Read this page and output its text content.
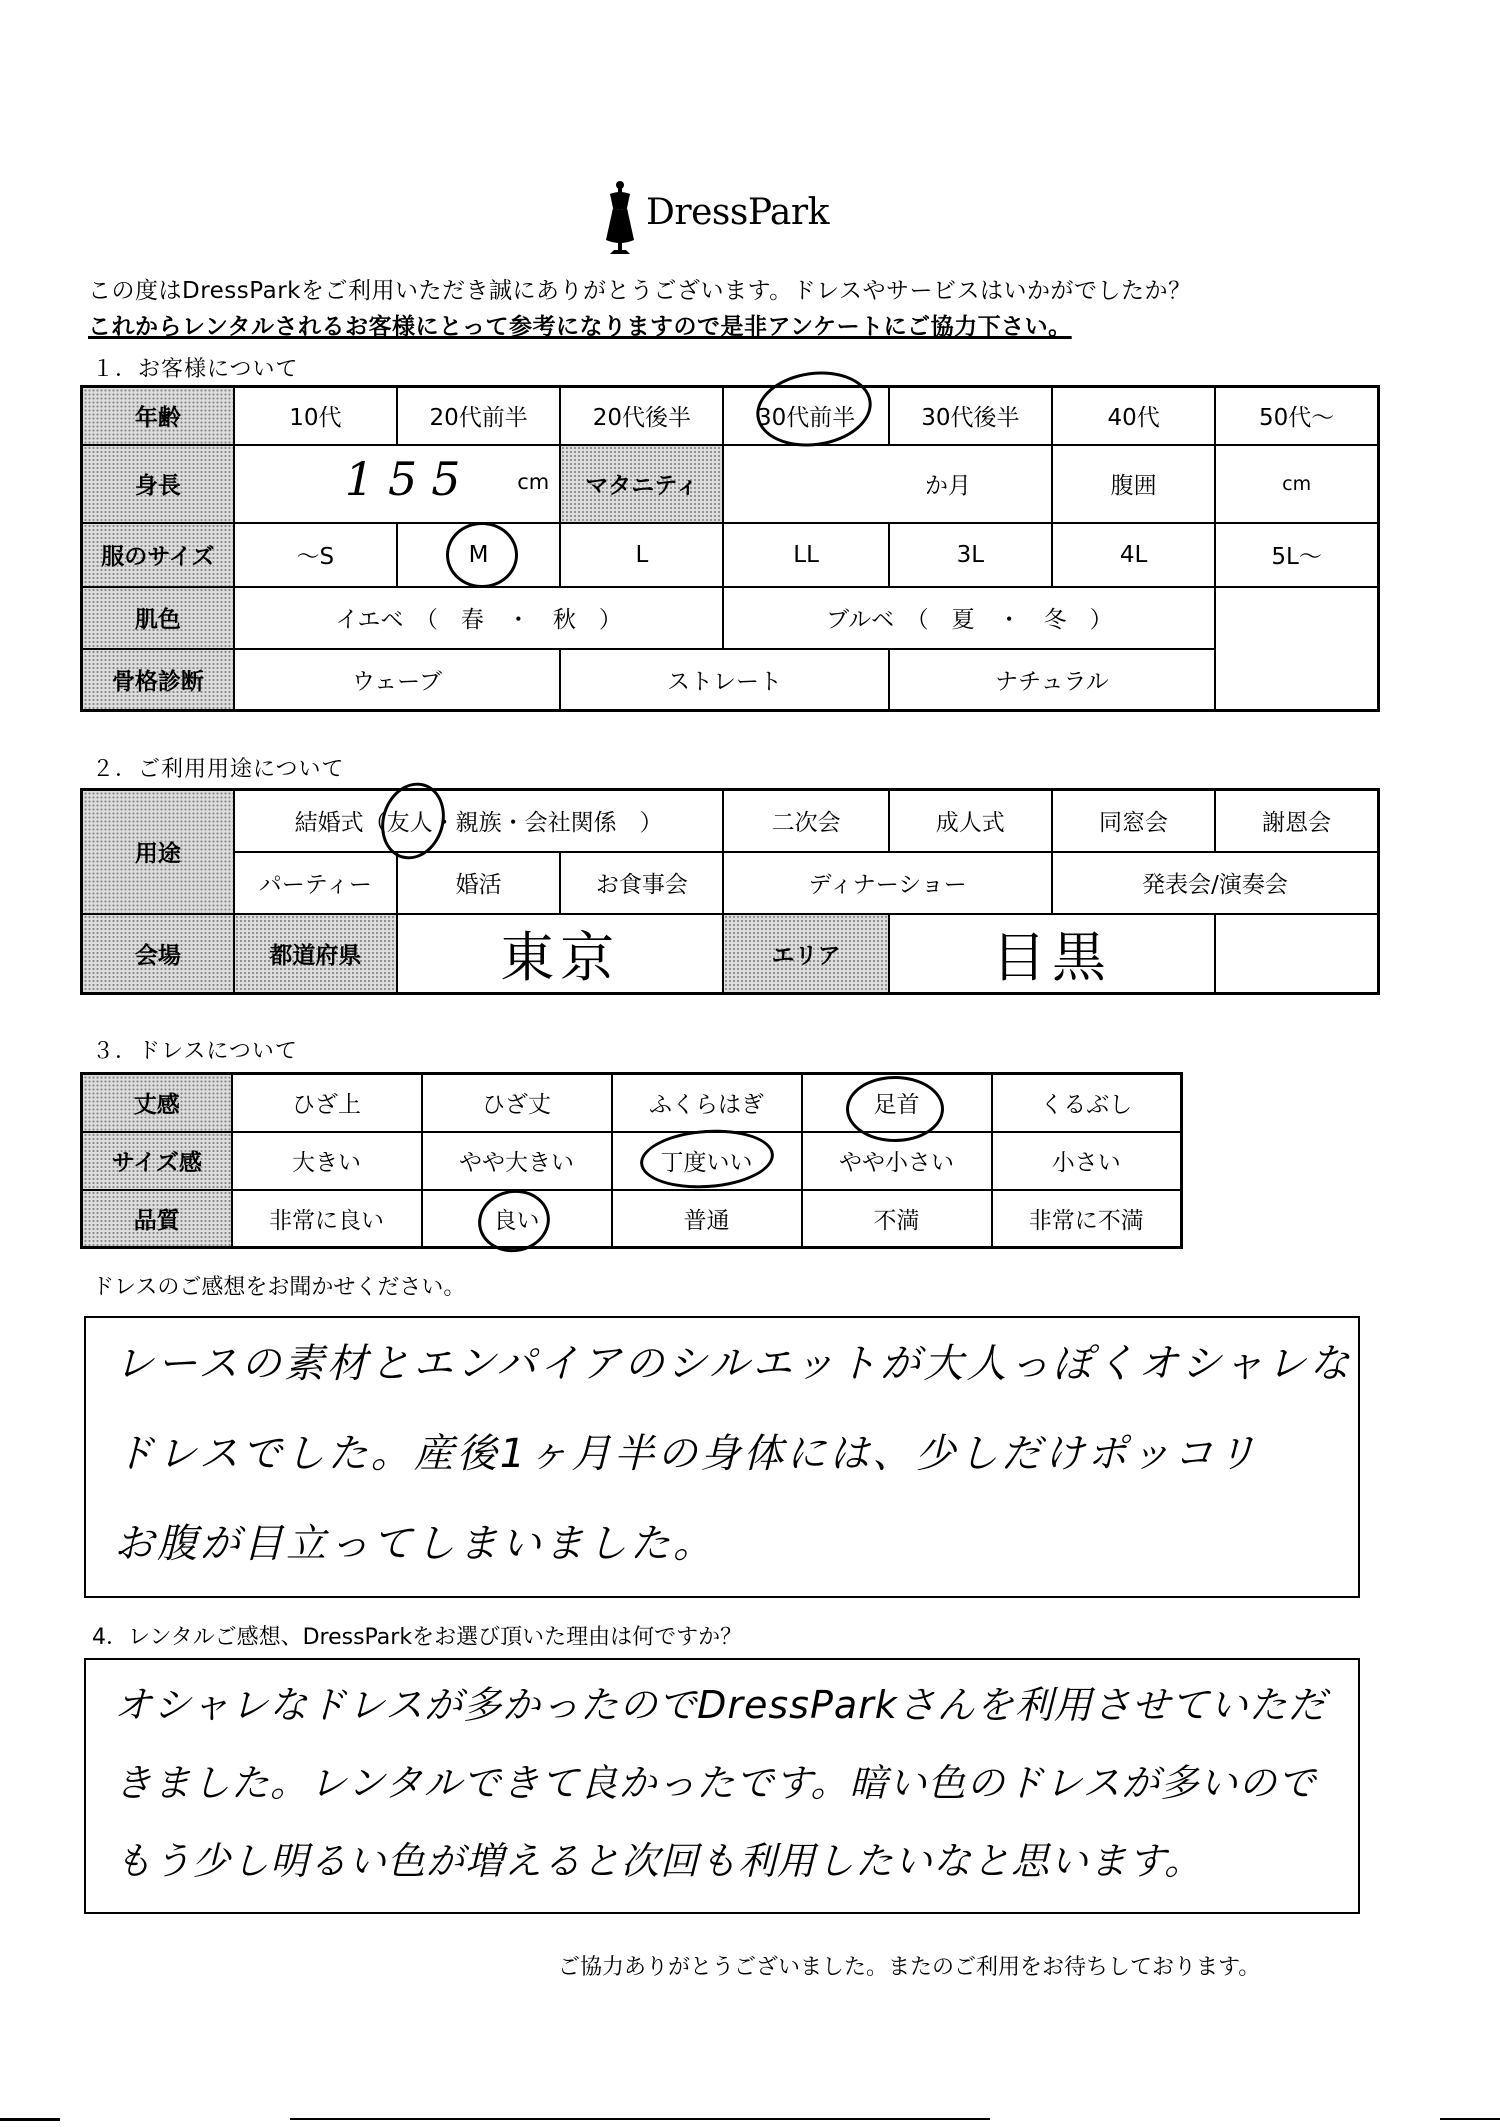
DressPark
この度はDressParkをご利用いただき誠にありがとうございます。ドレスやサービスはいかがでしたか？
これからレンタルされるお客様にとって参考になりますので是非アンケートにご協力下さい。
１．お客様について
年齢	10代	20代前半	20代後半	30代前半	30代後半	40代	50代～
身長	155 cm		マタニティ	か月		腹囲	cm
服のサイズ	～S	M	L	LL	3L	4L	5L～
肌色	イエベ　（　春　・　秋　）			ブルベ　（　夏　・　冬　）			
骨格診断	ウェーブ		ストレート		ナチュラル		
２．ご利用用途について
用途	結婚式（友人・親族・会社関係　）			二次会	成人式	同窓会	謝恩会
	パーティー	婚活	お食事会	ディナーショー		発表会/演奏会	
会場	都道府県	東京		エリア	目黒		
３．ドレスについて
丈感	ひざ上	ひざ丈	ふくらはぎ	足首	くるぶし
サイズ感	大きい	やや大きい	丁度いい	やや小さい	小さい
品質	非常に良い	良い	普通	不満	非常に不満
ドレスのご感想をお聞かせください。

レースの素材とエンパイアのシルエットが大人っぽくオシャレな

ドレスでした。産後1ヶ月半の身体には、少しだけポッコリ

お腹が目立ってしまいました。

4．レンタルご感想、DressParkをお選び頂いた理由は何ですか？

オシャレなドレスが多かったのでDressParkさんを利用させていただ

きました。レンタルできて良かったです。暗い色のドレスが多いので

もう少し明るい色が増えると次回も利用したいなと思います。

ご協力ありがとうございました。またのご利用をお待ちしております。
